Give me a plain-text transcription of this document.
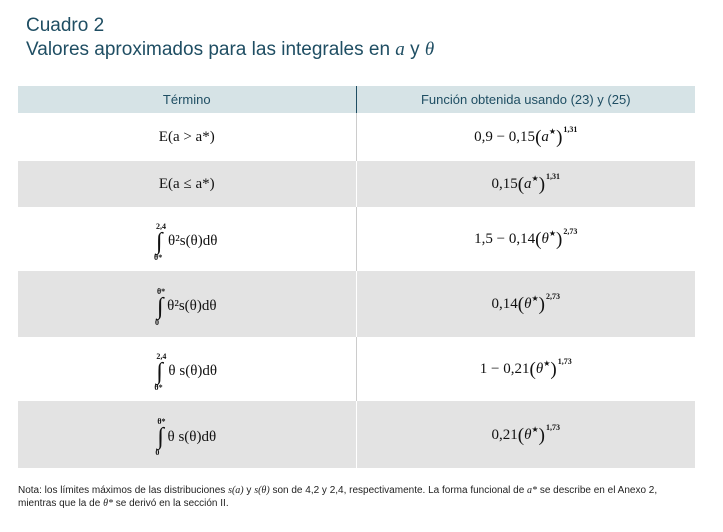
Cuadro 2
Valores aproximados para las integrales en a y θ
Término	Función obtenida usando (23) y (25)
E(a > a*)	$0,9 - 0,15(a^★)^{1,31}$
E(a ≤ a*)	$0,15(a^★)^{1,31}$

2,4
∫
θ*
θ²s(θ)dθ	$1,5 - 0,14(\theta^★)^{2,73}$

θ*
∫
0
θ²s(θ)dθ	$0,14(\theta^★)^{2,73}$

2,4
∫
θ*
θ s(θ)dθ	$1 - 0,21(\theta^★)^{1,73}$

θ*
∫
0
θ s(θ)dθ	$0,21(\theta^★)^{1,73}$
Nota: los límites máximos de las distribuciones s(a) y s(θ) son de 4,2 y 2,4, respectivamente. La forma funcional de a* se describe en el Anexo 2, mientras que la de θ* se derivó en la sección II.
